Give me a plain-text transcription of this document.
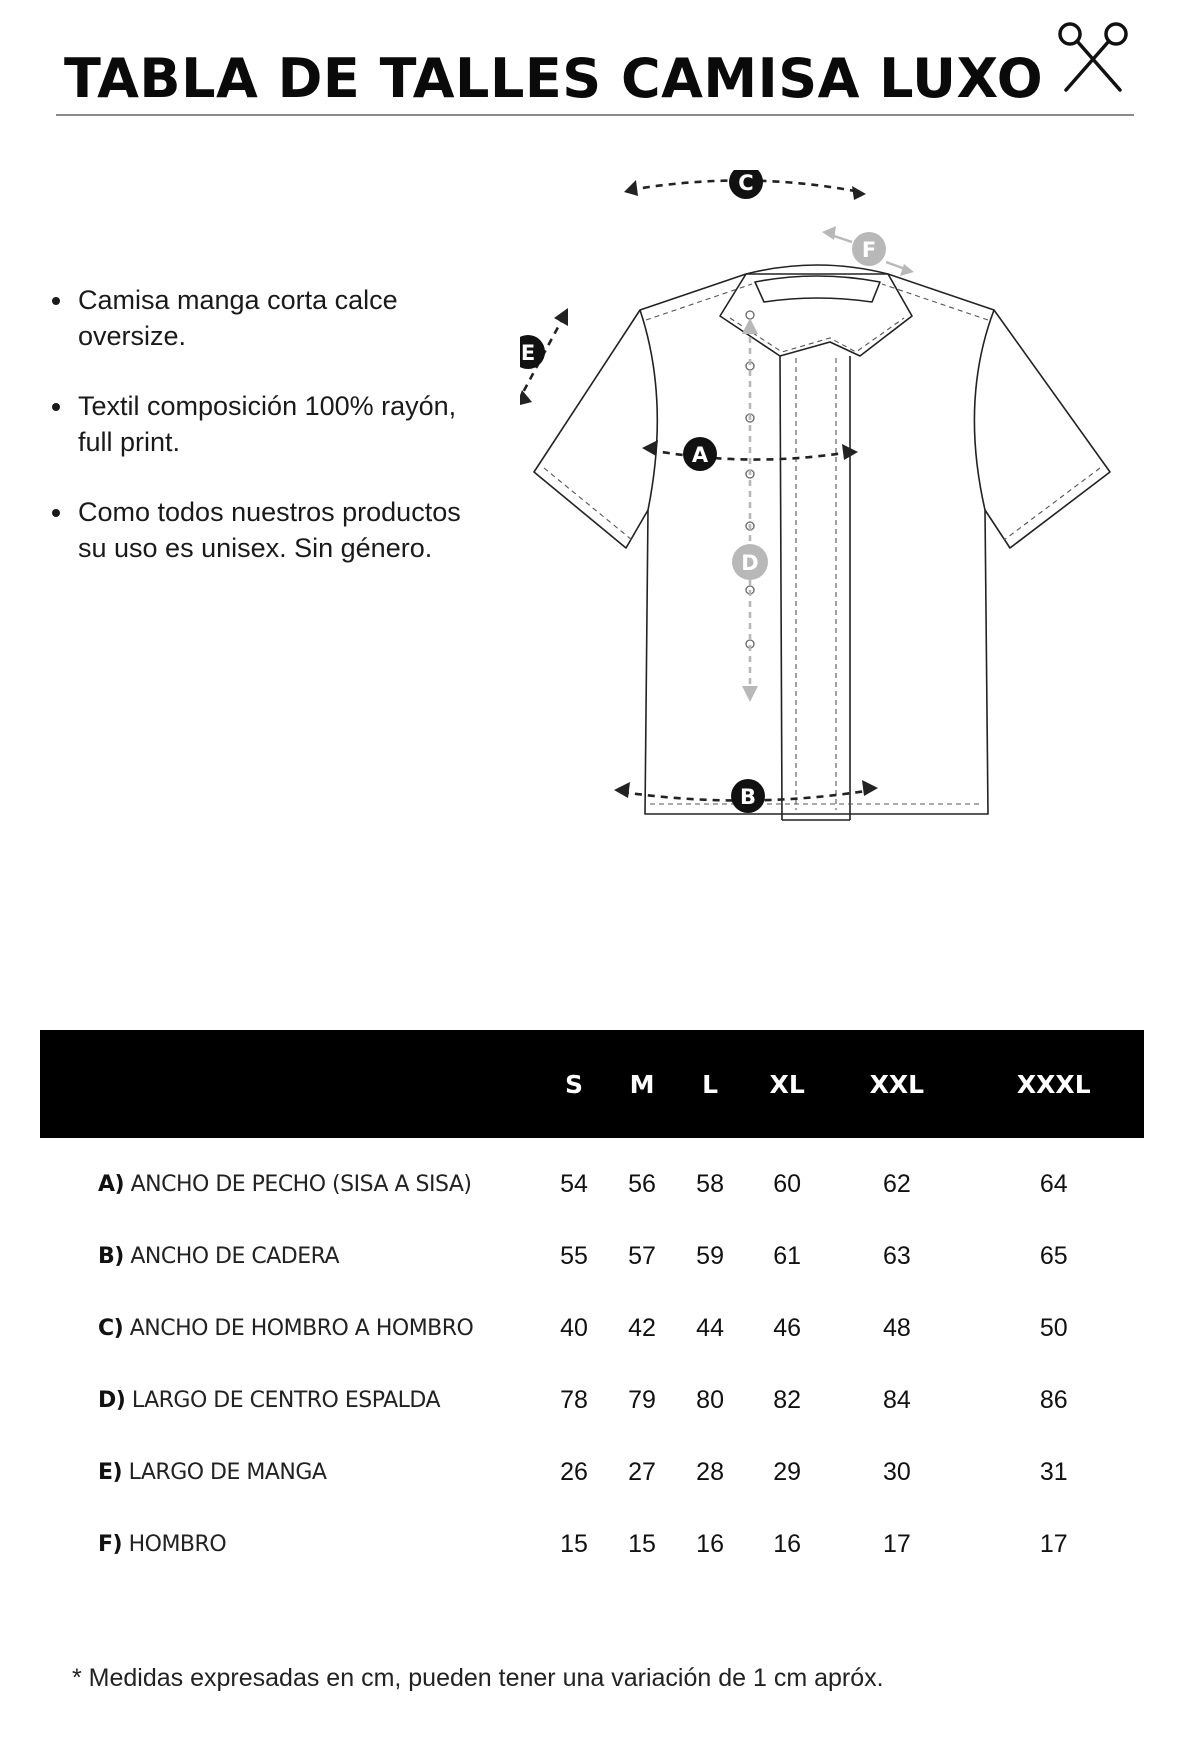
TABLA DE TALLES CAMISA LUXO
Camisa manga corta calce oversize.
Textil composición 100% rayón, full print.
Como todos nuestros productos su uso es unisex. Sin género.
C
A
B
E
D
F
	S	M	L	XL	XXL	XXXL
A) ANCHO DE PECHO (SISA A SISA)	54	56	58	60	62	64
B) ANCHO DE CADERA	55	57	59	61	63	65
C) ANCHO DE HOMBRO A HOMBRO	40	42	44	46	48	50
D) LARGO DE CENTRO ESPALDA	78	79	80	82	84	86
E) LARGO DE MANGA	26	27	28	29	30	31
F) HOMBRO	15	15	16	16	17	17

* Medidas expresadas en cm, pueden tener una variación de 1 cm apróx.
